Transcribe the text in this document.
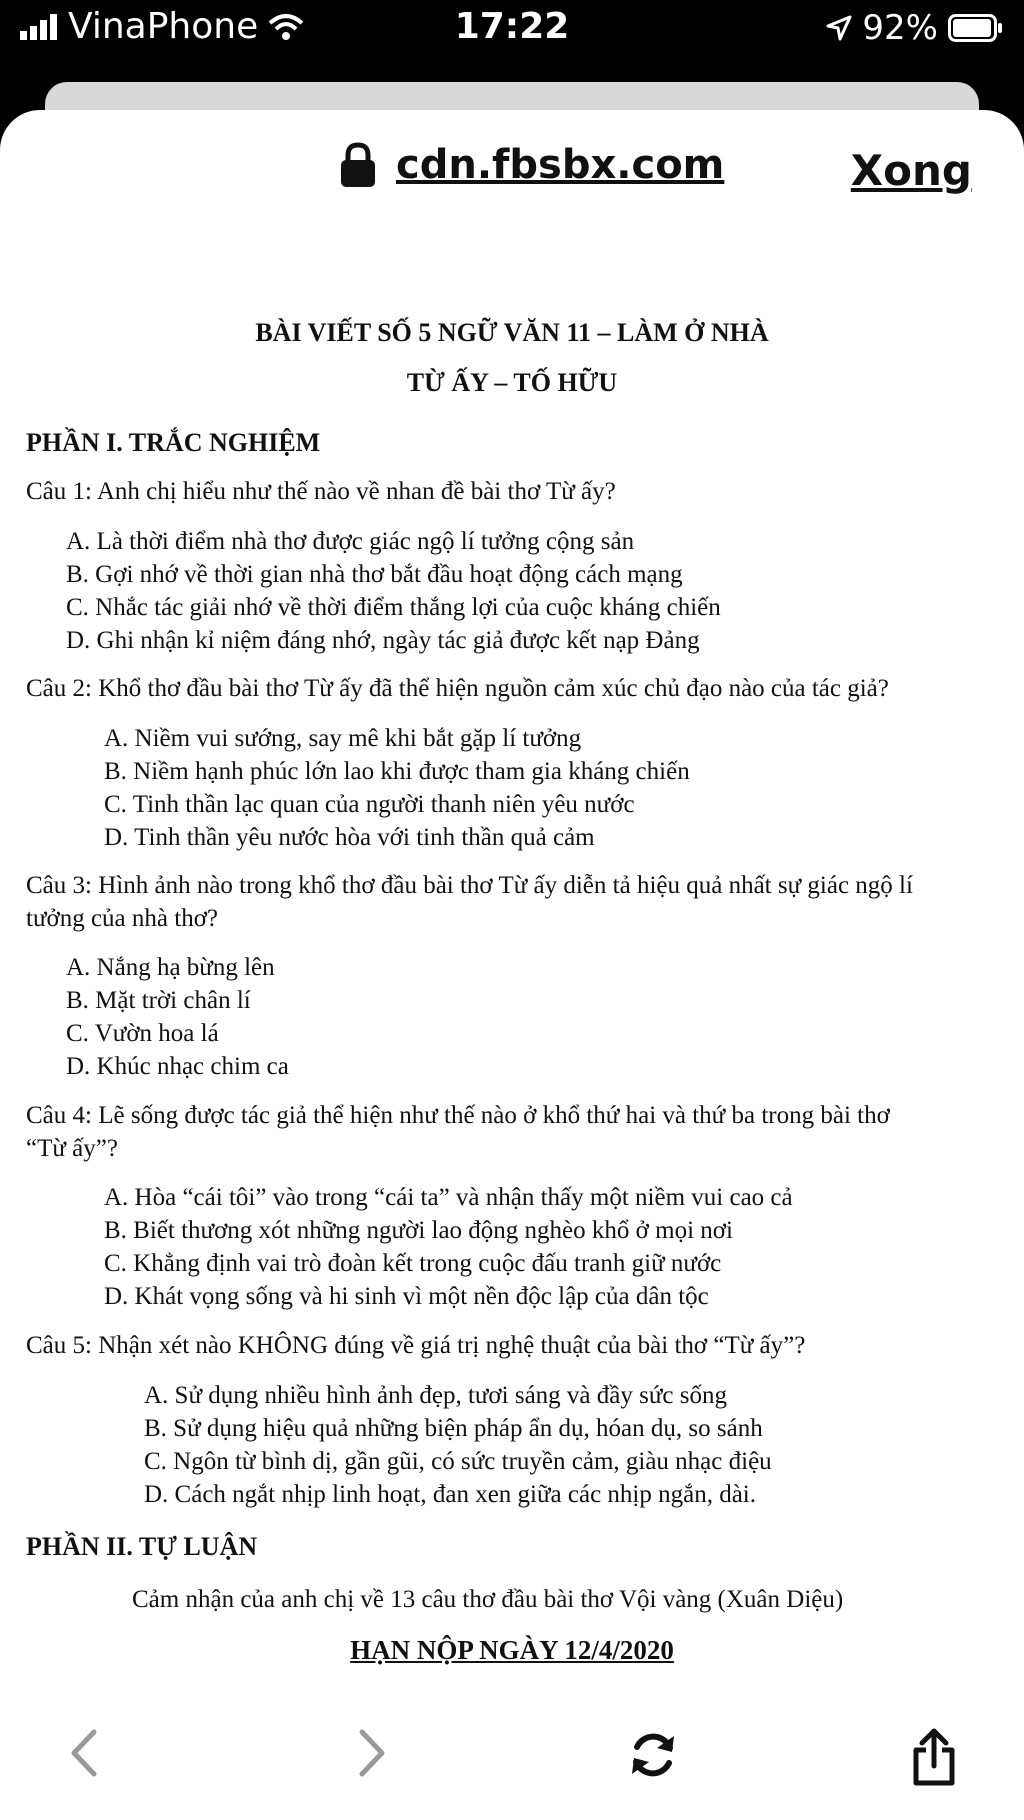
VinaPhone	17:22	92%
cdn.fbsbx.com	Xong
BÀI VIẾT SỐ 5 NGỮ VĂN 11 – LÀM Ở NHÀ
TỪ ẤY – TỐ HỮU
PHẦN I. TRẮC NGHIỆM
Câu 1: Anh chị hiểu như thế nào về nhan đề bài thơ Từ ấy?
A. Là thời điểm nhà thơ được giác ngộ lí tưởng cộng sản
B. Gợi nhớ về thời gian nhà thơ bắt đầu hoạt động cách mạng
C. Nhắc tác giải nhớ về thời điểm thắng lợi của cuộc kháng chiến
D. Ghi nhận kỉ niệm đáng nhớ, ngày tác giả được kết nạp Đảng
Câu 2: Khổ thơ đầu bài thơ Từ ấy đã thể hiện nguồn cảm xúc chủ đạo nào của tác giả?
A. Niềm vui sướng, say mê khi bắt gặp lí tưởng
B. Niềm hạnh phúc lớn lao khi được tham gia kháng chiến
C. Tinh thần lạc quan của người thanh niên yêu nước
D. Tinh thần yêu nước hòa với tinh thần quả cảm
Câu 3: Hình ảnh nào trong khổ thơ đầu bài thơ Từ ấy diễn tả hiệu quả nhất sự giác ngộ lí
tưởng của nhà thơ?
A. Nắng hạ bừng lên
B. Mặt trời chân lí
C. Vườn hoa lá
D. Khúc nhạc chim ca
Câu 4: Lẽ sống được tác giả thể hiện như thế nào ở khổ thứ hai và thứ ba trong bài thơ
“Từ ấy”?
A. Hòa “cái tôi” vào trong “cái ta” và nhận thấy một niềm vui cao cả
B. Biết thương xót những người lao động nghèo khổ ở mọi nơi
C. Khẳng định vai trò đoàn kết trong cuộc đấu tranh giữ nước
D. Khát vọng sống và hi sinh vì một nền độc lập của dân tộc
Câu 5: Nhận xét nào KHÔNG đúng về giá trị nghệ thuật của bài thơ “Từ ấy”?
A. Sử dụng nhiều hình ảnh đẹp, tươi sáng và đầy sức sống
B. Sử dụng hiệu quả những biện pháp ẩn dụ, hóan dụ, so sánh
C. Ngôn từ bình dị, gần gũi, có sức truyền cảm, giàu nhạc điệu
D. Cách ngắt nhịp linh hoạt, đan xen giữa các nhịp ngắn, dài.
PHẦN II. TỰ LUẬN
Cảm nhận của anh chị về 13 câu thơ đầu bài thơ Vội vàng (Xuân Diệu)
HẠN NỘP NGÀY 12/4/2020
